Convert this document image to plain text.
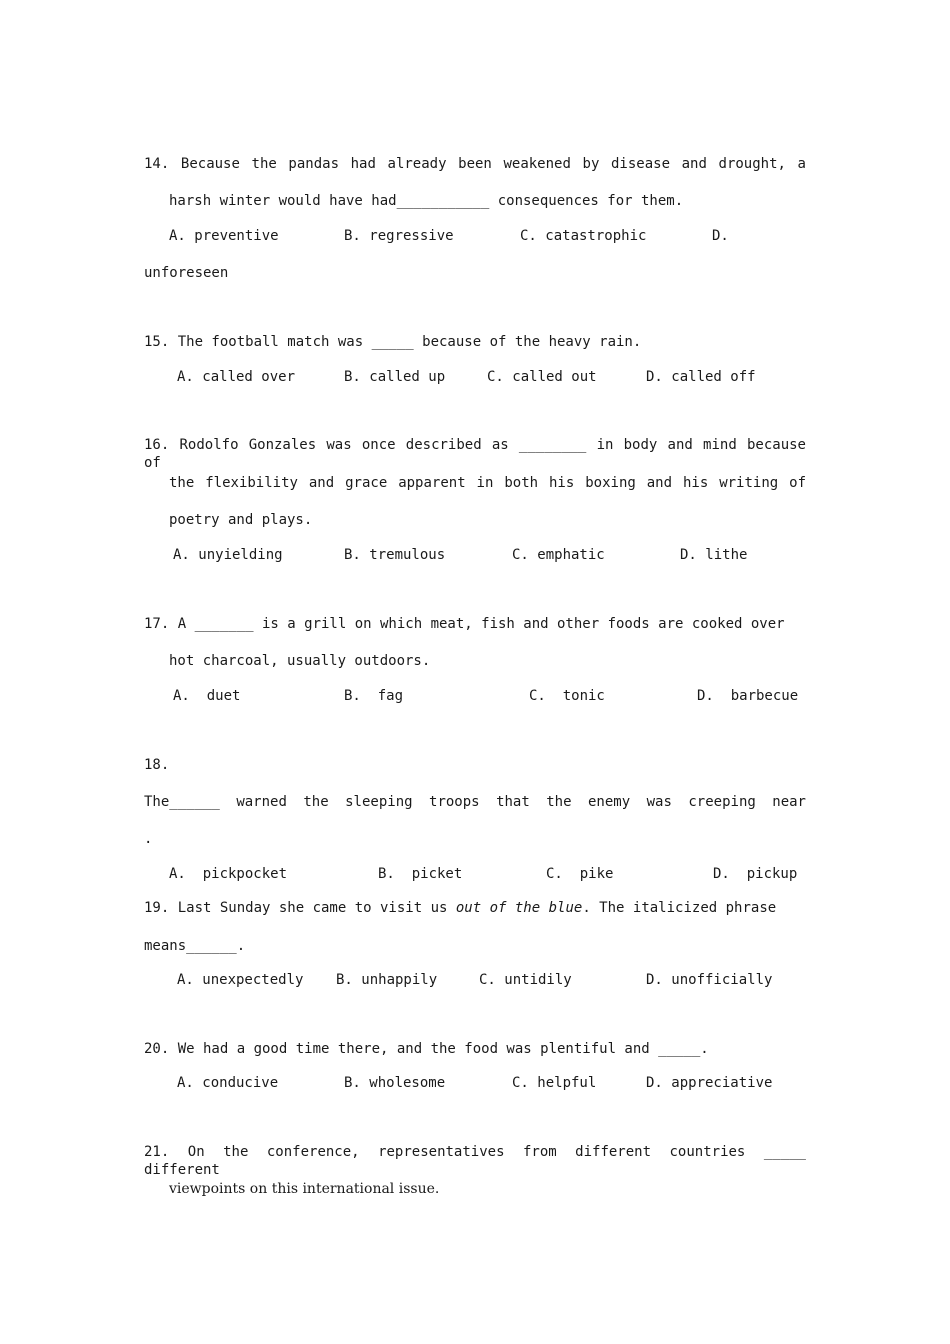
14. Because the pandas had already been weakened by disease and drought, a
harsh winter would have had___________ consequences for them.
A. preventive	B. regressive	C. catastrophic	D.
unforeseen
15. The football match was _____ because of the heavy rain.
A. called over	B. called up	C. called out	D. called off
16. Rodolfo Gonzales was once described as ________ in body and mind because of
the flexibility and grace apparent in both his boxing and his writing of
poetry and plays.
A. unyielding	B. tremulous	C. emphatic	D. lithe
17. A _______ is a grill on which meat, fish and other foods are cooked over
hot charcoal, usually outdoors.
A.  duet	B.  fag	C.  tonic	D.  barbecue
18.
The______ warned the sleeping troops that the enemy was creeping near
.
A.  pickpocket	B.  picket	C.  pike	D.  pickup
19. Last Sunday she came to visit us out of the blue. The italicized phrase
means______.
A. unexpectedly B. unhappily	C. untidily	D. unofficially
20. We had a good time there, and the food was plentiful and _____.
A. conducive	B. wholesome	C. helpful	D. appreciative
21. On the conference, representatives from different countries _____ different
viewpoints on this international issue.
